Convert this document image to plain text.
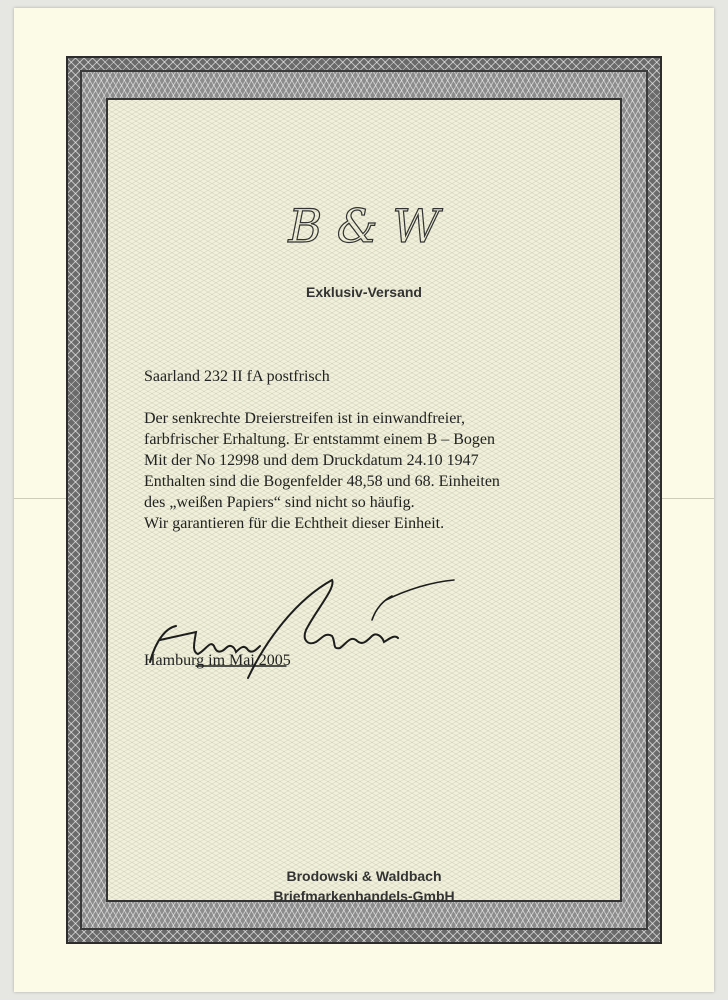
B & W
Exklusiv-Versand
Saarland 232 II fA postfrisch
Der senkrechte Dreierstreifen ist in einwandfreier,
farbfrischer Erhaltung. Er entstammt einem B – Bogen
Mit der No 12998 und dem Druckdatum 24.10 1947
Enthalten sind die Bogenfelder 48,58 und 68. Einheiten
des „weißen Papiers“ sind nicht so häufig.
Wir garantieren für die Echtheit dieser Einheit.
Hamburg im Mai 2005
Brodowski & Waldbach
Briefmarkenhandels-GmbH
